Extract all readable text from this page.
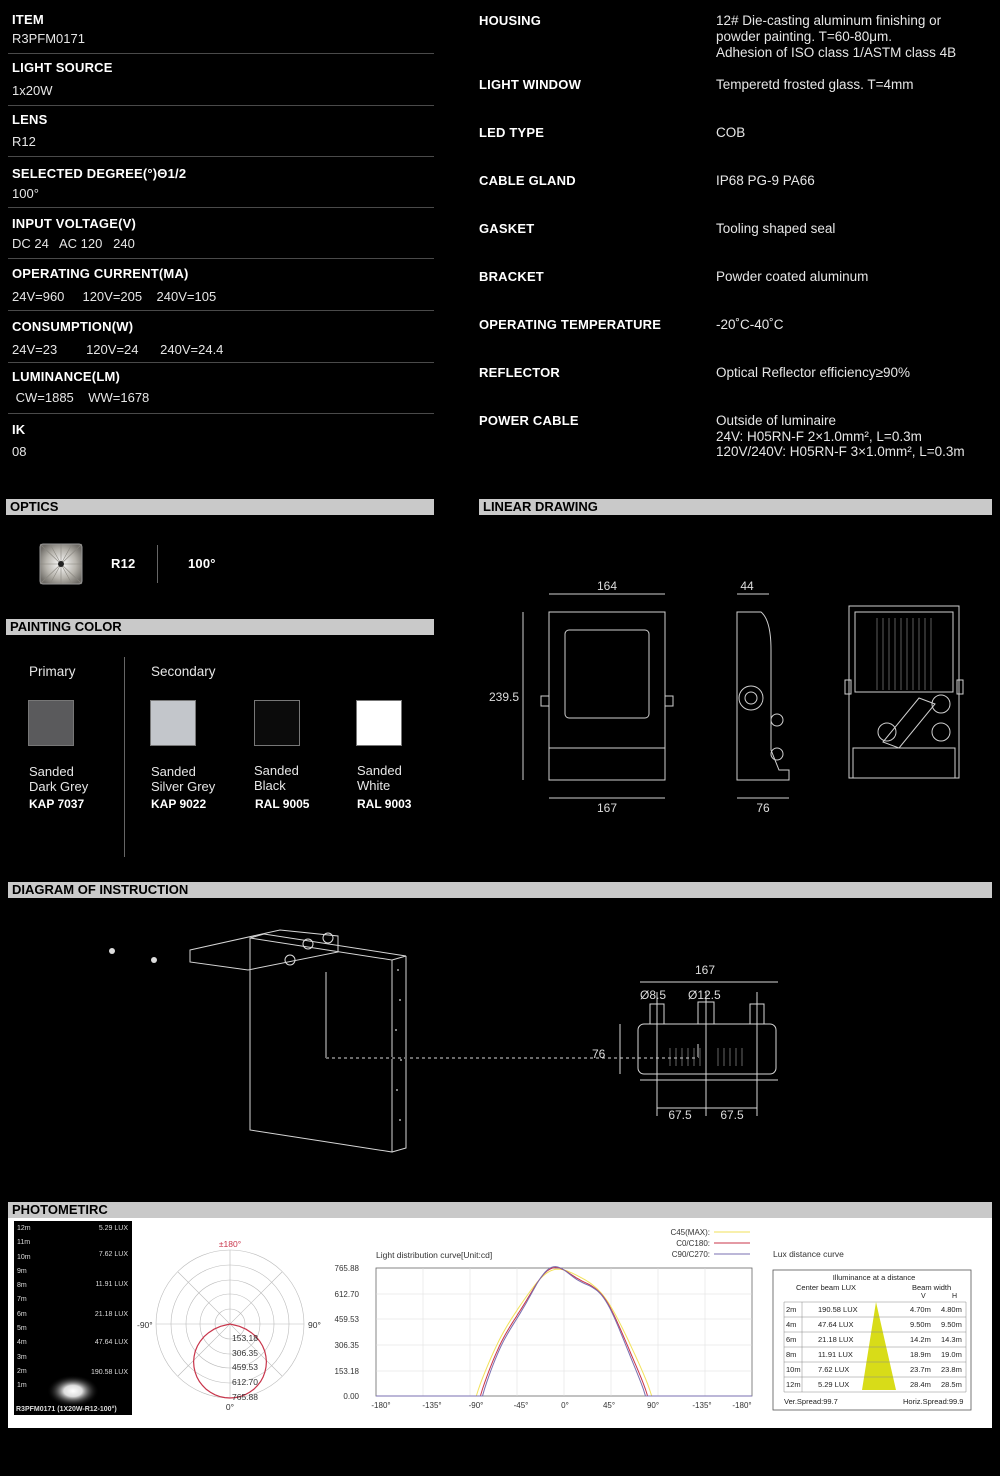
ITEM
R3PFM0171
LIGHT SOURCE
1x20W
LENS
R12
SELECTED DEGREE(°)Θ1/2
100°
INPUT VOLTAGE(V)
DC 24   AC 120   240
OPERATING CURRENT(MA)
24V=960     120V=205    240V=105
CONSUMPTION(W)
24V=23        120V=24      240V=24.4
LUMINANCE(LM)
CW=1885    WW=1678
IK
08
HOUSING	12# Die-casting aluminum finishing or
powder painting. T=60-80μm.
Adhesion of ISO class 1/ASTM class 4B
LIGHT WINDOW	Temperetd frosted glass. T=4mm
LED TYPE	COB
CABLE GLAND	IP68 PG-9 PA66
GASKET	Tooling shaped seal
BRACKET	Powder coated aluminum
OPERATING TEMPERATURE	-20˚C-40˚C
REFLECTOR	Optical Reflector efficiency≥90%
POWER CABLE	Outside of luminaire
24V: H05RN-F 2×1.0mm², L=0.3m
120V/240V: H05RN-F 3×1.0mm², L=0.3m
OPTICS	LINEAR DRAWING
PAINTING COLOR
DIAGRAM OF INSTRUCTION
PHOTOMETIRC
R12	100°
Primary	Secondary
Sanded
Dark Grey
KAP 7037
Sanded
Silver Grey
KAP 9022
Sanded
Black
RAL 9005
Sanded
White
RAL 9003
164
239.5
167
44
76
167
Ø8.5 Ø12.5
76
67.5 67.5
12m
11m
10m
9m
8m
7m
6m
5m
4m
3m
2m
1m
5.29 LUX
7.62 LUX
11.91 LUX
21.18 LUX
47.64 LUX
190.58 LUX
R3PFM0171 (1X20W-R12-100°)
±180°
-90°	90°
0°
153.18
306.35
459.53
612.70
765.88
Light distribution curve[Unit:cd]
C45(MAX):
C0/C180:
C90/C270:
765.88
612.70
459.53
306.35
153.18
0.00
-180°	-135°	-90°	-45°	0°	45°	90°	-135°	-180°
Lux distance curve
Illuminance at a distance
Center beam LUX	Beam width
V	H
2m	190.58 LUX	4.70m 4.80m
4m	47.64 LUX	9.50m 9.50m
6m	21.18 LUX	14.2m 14.3m
8m	11.91 LUX	18.9m 19.0m
10m 7.62 LUX	23.7m 23.8m
12m 5.29 LUX	28.4m 28.5m
Ver.Spread:99.7	Horiz.Spread:99.9
